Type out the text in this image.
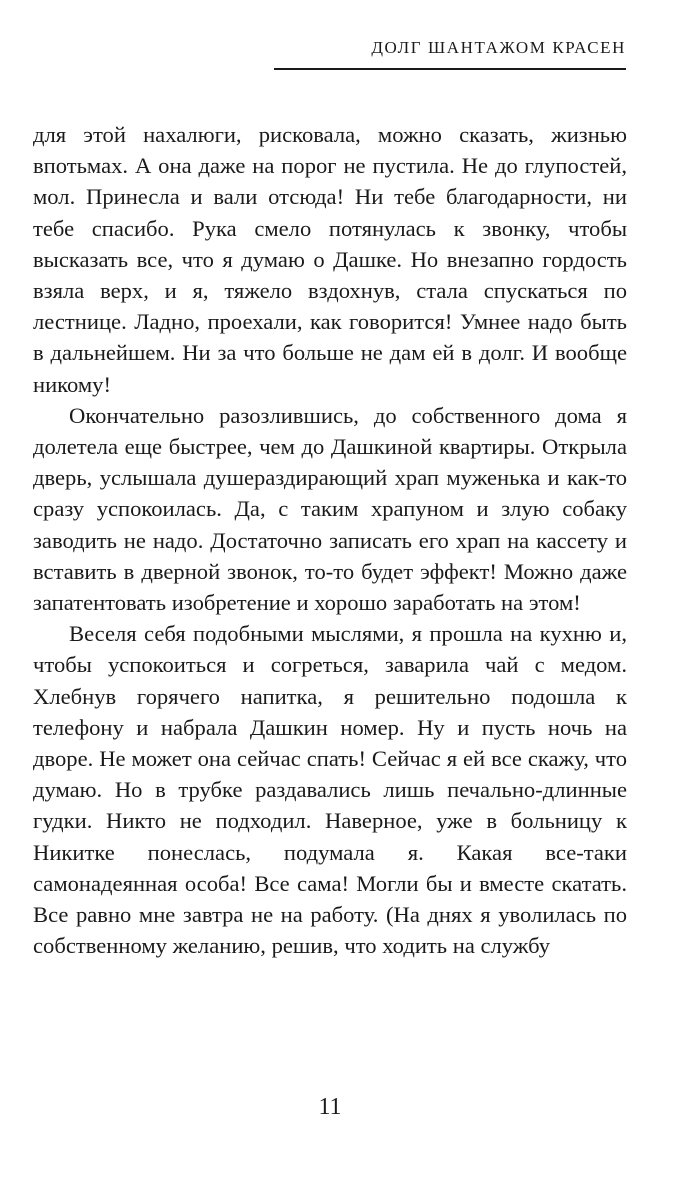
ДОЛГ ШАНТАЖОМ КРАСЕН

для этой нахалюги, рисковала, можно сказать, жизнью впотьмах. А она даже на порог не пустила. Не до глупостей, мол. Принесла и вали отсюда! Ни тебе благодарности, ни тебе спасибо. Рука смело потянулась к звонку, чтобы высказать все, что я думаю о Дашке. Но внезапно гордость взяла верх, и я, тяжело вздохнув, стала спускаться по лестнице. Ладно, проехали, как говорится! Умнее надо быть в дальнейшем. Ни за что больше не дам ей в долг. И вообще никому!

Окончательно разозлившись, до собственного дома я долетела еще быстрее, чем до Дашкиной квартиры. Открыла дверь, услышала душераздирающий храп муженька и как-то сразу успокоилась. Да, с таким храпуном и злую собаку заводить не надо. Достаточно записать его храп на кассету и вставить в дверной звонок, то-то будет эффект! Можно даже запатентовать изобретение и хорошо заработать на этом!

Веселя себя подобными мыслями, я прошла на кухню и, чтобы успокоиться и согреться, заварила чай с медом. Хлебнув горячего напитка, я решительно подошла к телефону и набрала Дашкин номер. Ну и пусть ночь на дворе. Не может она сейчас спать! Сейчас я ей все скажу, что думаю. Но в трубке раздавались лишь печально-длинные гудки. Никто не подходил. Наверное, уже в больницу к Никитке понеслась, подумала я. Какая все-таки самонадеянная особа! Все сама! Могли бы и вместе скатать. Все равно мне завтра не на работу. (На днях я уволилась по собственному желанию, решив, что ходить на службу

11
